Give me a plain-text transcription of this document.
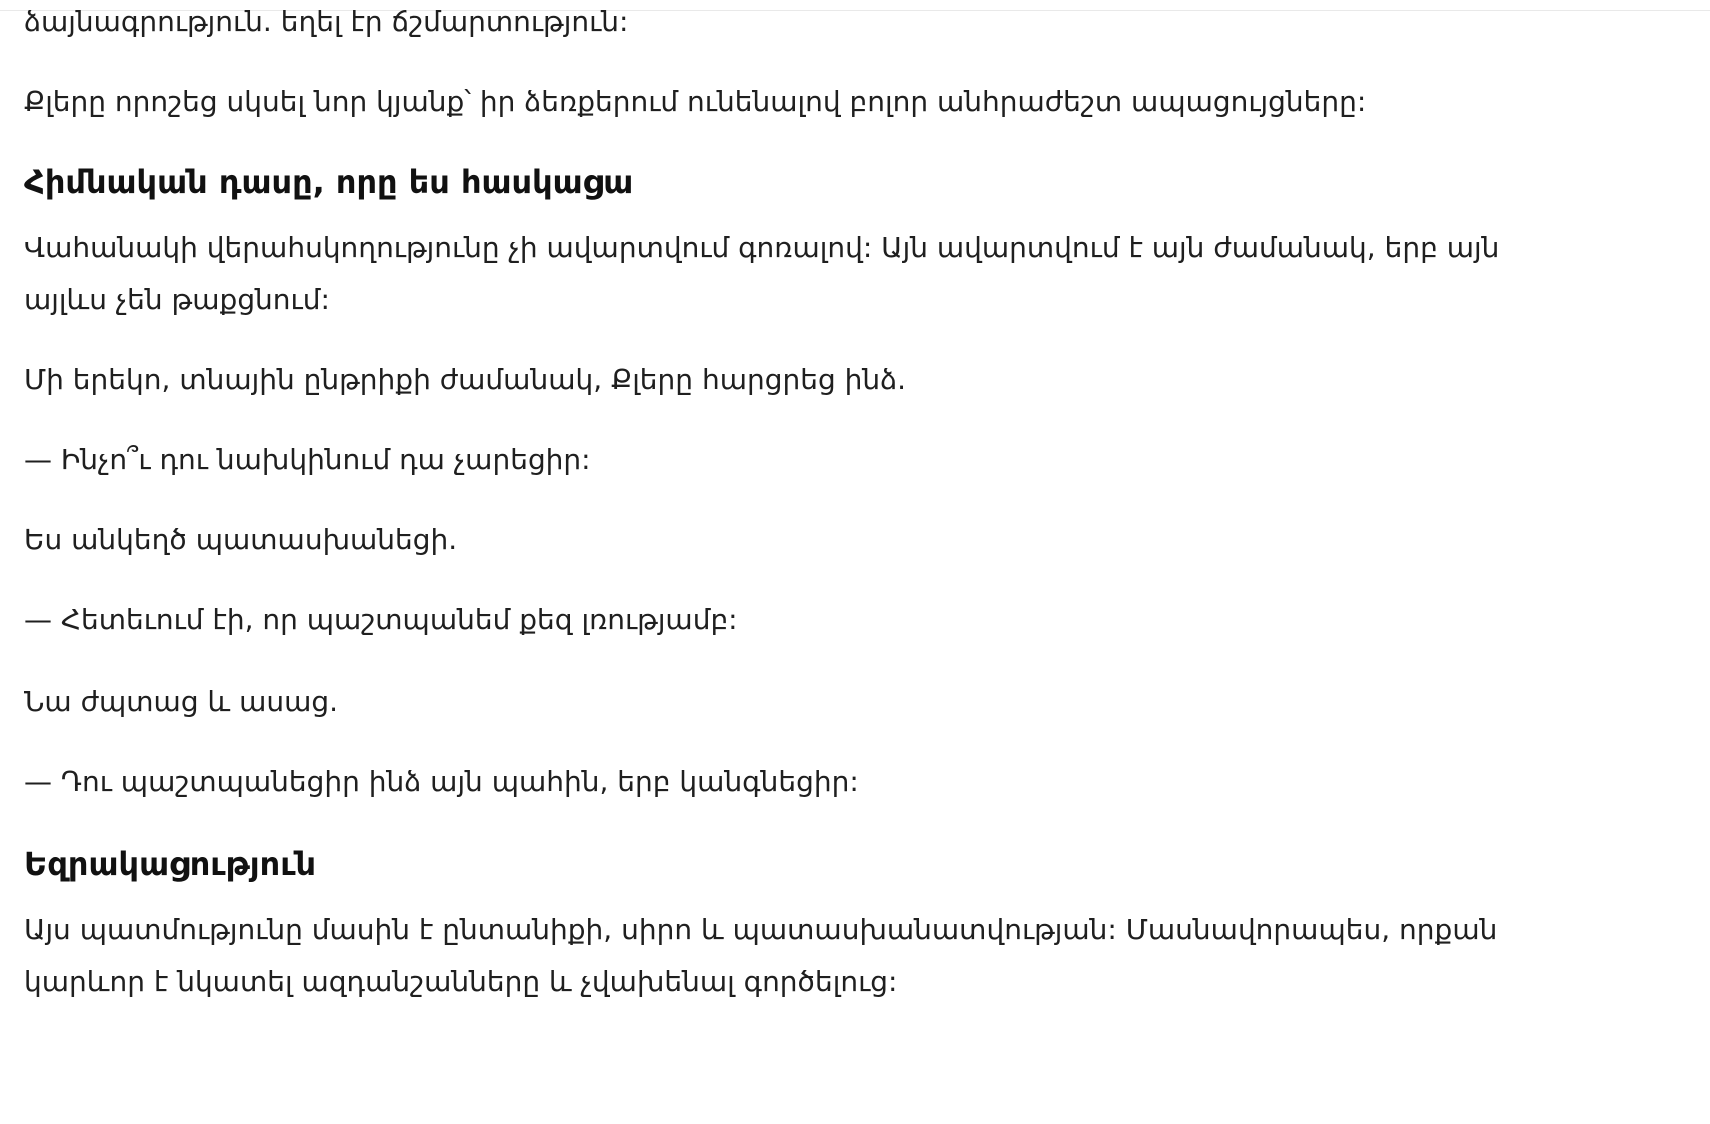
ձայնագրություն. եղել էր ճշմարտություն:

Քլերը որոշեց սկսել նոր կյանք՝ իր ձեռքերում ունենալով բոլոր անհրաժեշտ ապացույցները:

Հիմնական դասը, որը ես հասկացա

Վահանակի վերահսկողությունը չի ավարտվում գոռալով: Այն ավարտվում է այն ժամանակ, երբ այն

այլևս չեն թաքցնում:

Մի երեկո, տնային ընթրիքի ժամանակ, Քլերը հարցրեց ինձ.

— Ինչո՞ւ դու նախկինում դա չարեցիր:

Ես անկեղծ պատասխանեցի.

— Հետեւում էի, որ պաշտպանեմ քեզ լռությամբ:

Նա ժպտաց և ասաց.

— Դու պաշտպանեցիր ինձ այն պահին, երբ կանգնեցիր:

Եզրակացություն

Այս պատմությունը մասին է ընտանիքի, սիրո և պատասխանատվության: Մասնավորապես, որքան

կարևոր է նկատել ազդանշանները և չվախենալ գործելուց:
